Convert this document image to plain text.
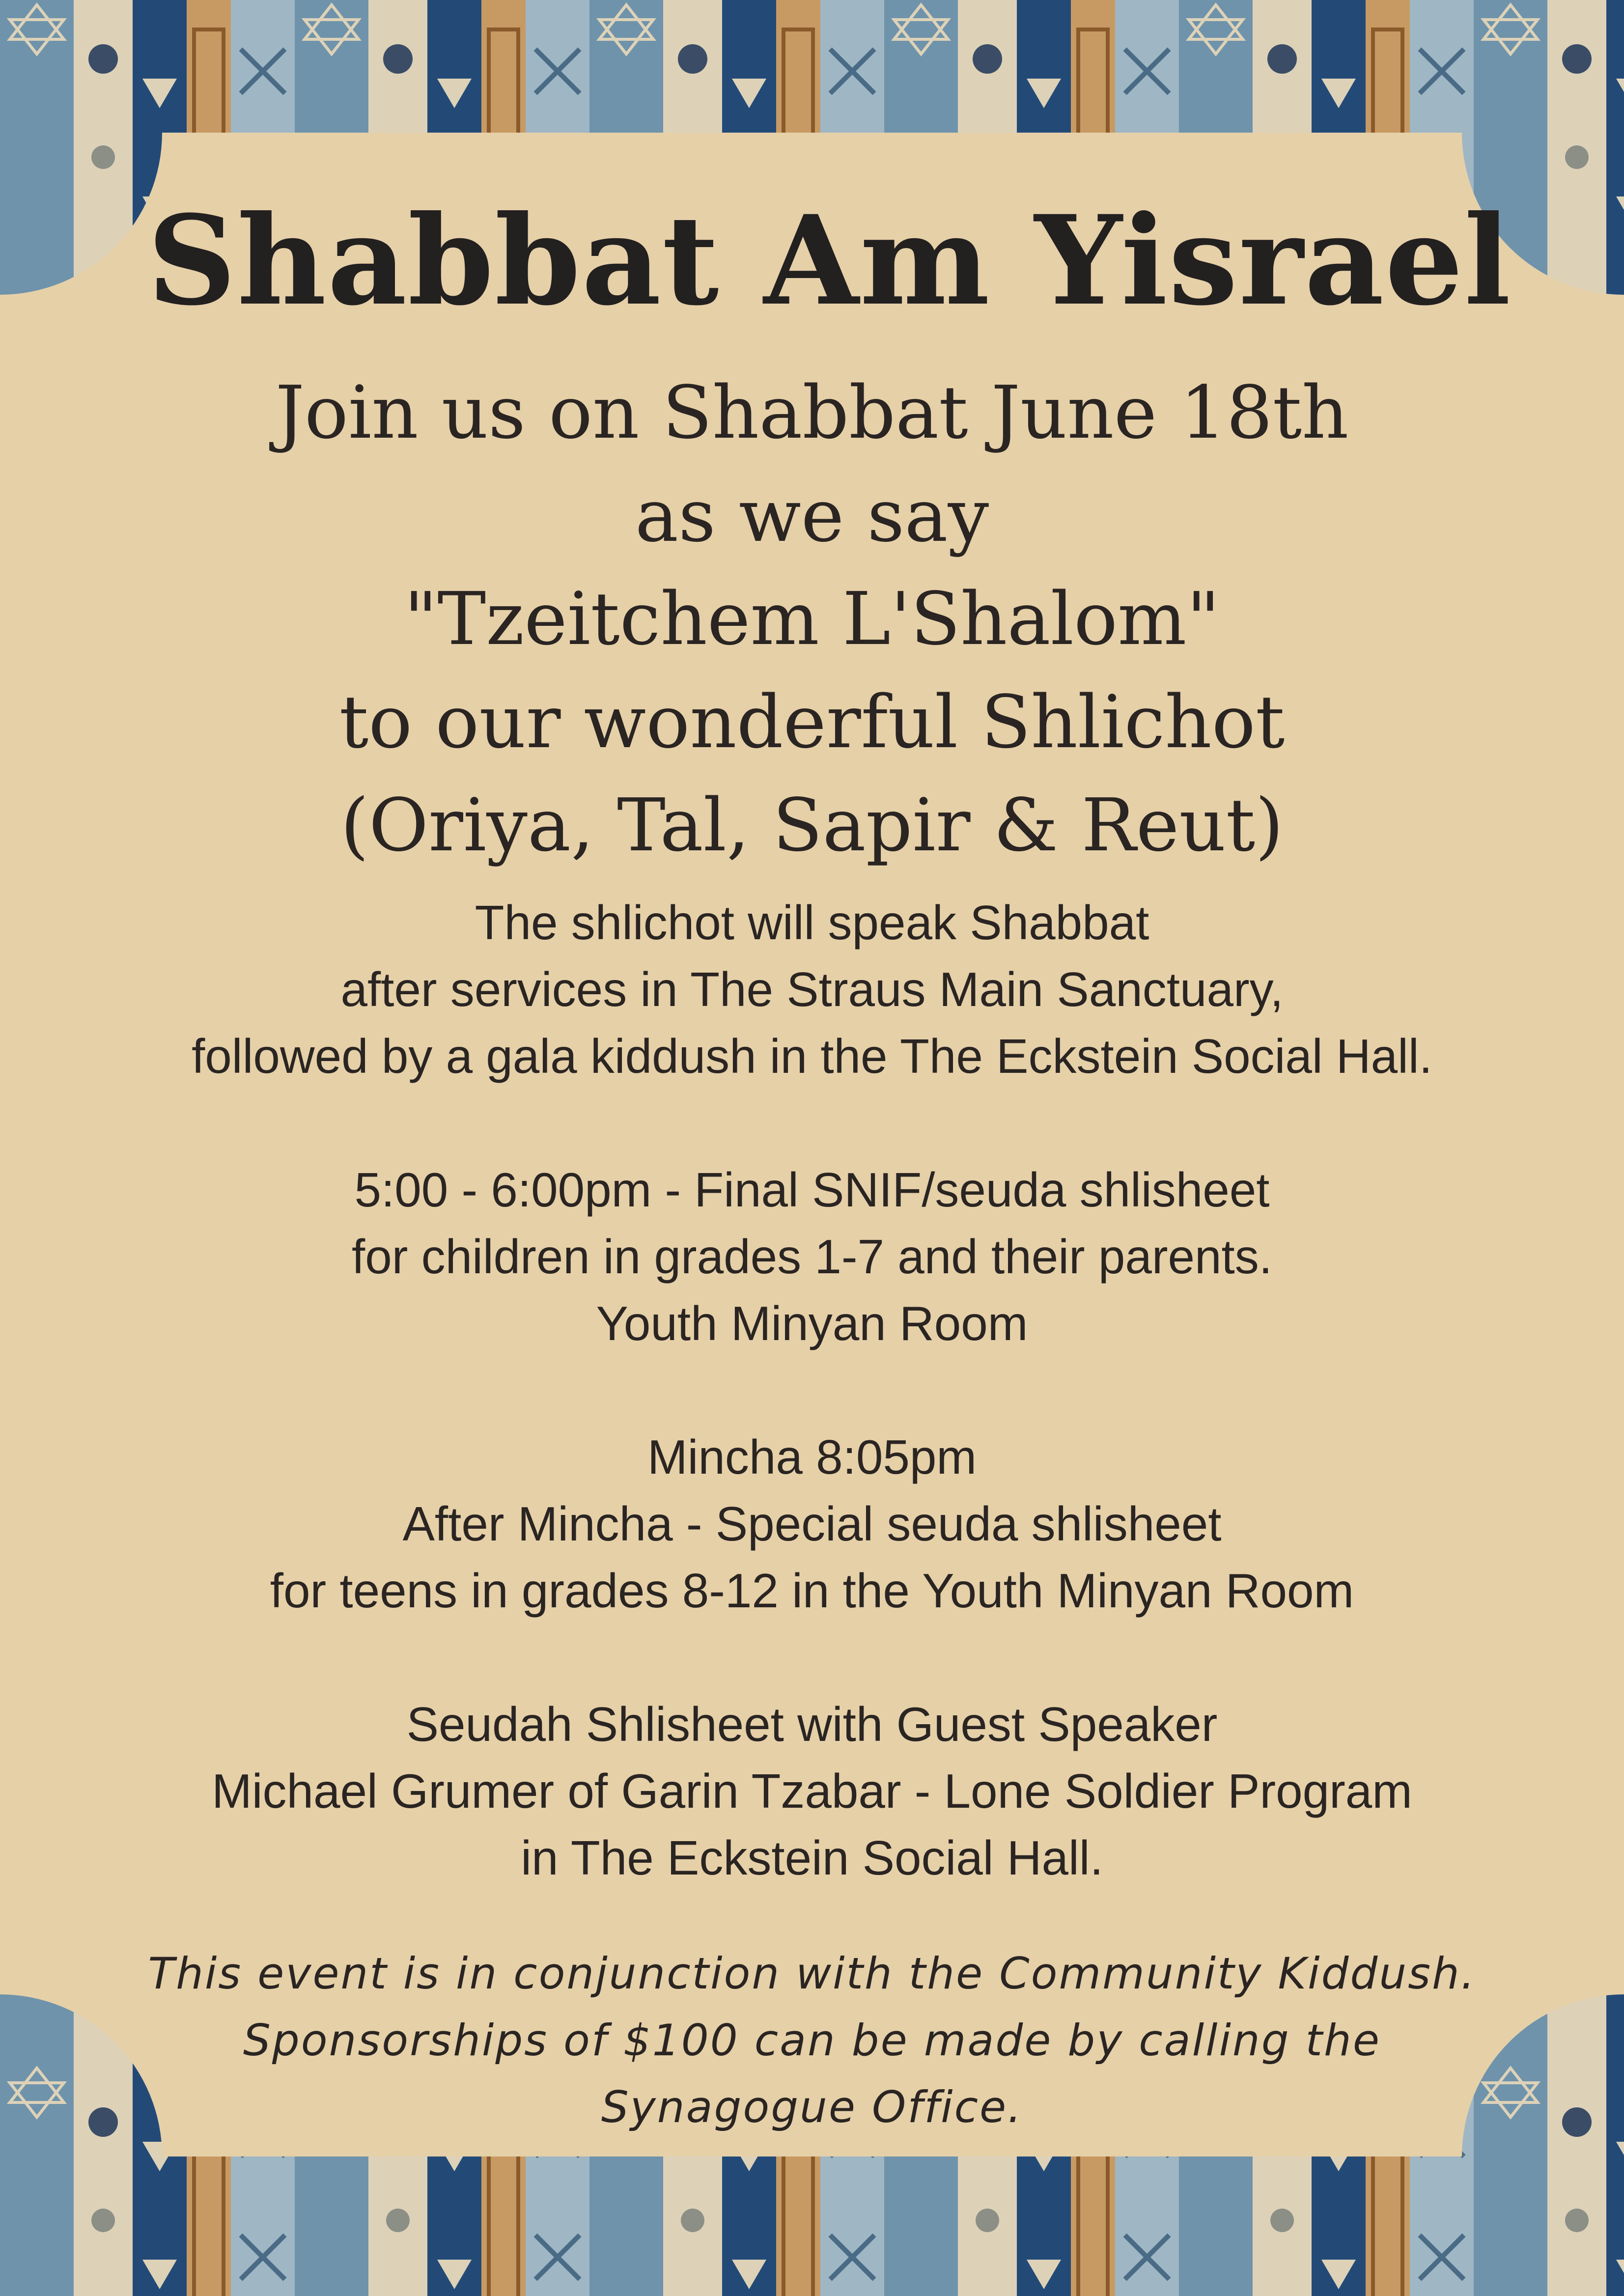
Shabbat Am Yisrael
Join us on Shabbat June 18th
as we say
"Tzeitchem L'Shalom"
to our wonderful Shlichot
(Oriya, Tal, Sapir & Reut)
The shlichot will speak Shabbat
after services in The Straus Main Sanctuary,
followed by a gala kiddush in the The Eckstein Social Hall.
5:00 - 6:00pm - Final SNIF/seuda shlisheet
for children in grades 1-7 and their parents.
Youth Minyan Room
Mincha 8:05pm
After Mincha - Special seuda shlisheet
for teens in grades 8-12 in the Youth Minyan Room
Seudah Shlisheet with Guest Speaker
Michael Grumer of Garin Tzabar - Lone Soldier Program
in The Eckstein Social Hall.
This event is in conjunction with the Community Kiddush.
Sponsorships of $100 can be made by calling the
Synagogue Office.
